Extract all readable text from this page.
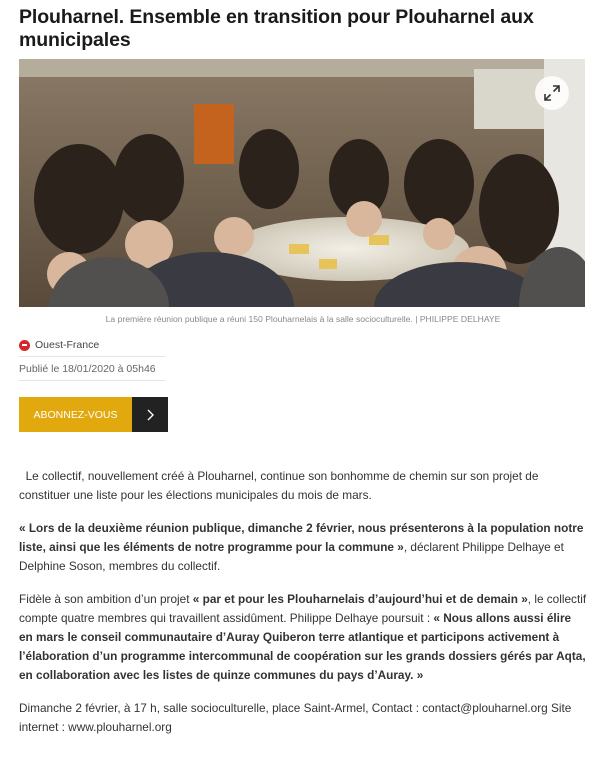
Plouharnel. Ensemble en transition pour Plouharnel aux municipales
La première réunion publique a réuni 150 Plouharnelais à la salle socioculturelle. | PHILIPPE DELHAYE
Ouest-France
Publié le 18/01/2020 à 05h46
ABONNEZ-VOUS

Le collectif, nouvellement créé à Plouharnel, continue son bonhomme de chemin sur son projet de constituer une liste pour les élections municipales du mois de mars.

« Lors de la deuxième réunion publique, dimanche 2 février, nous présenterons à la population notre liste, ainsi que les éléments de notre programme pour la commune », déclarent Philippe Delhaye et Delphine Soson, membres du collectif.

Fidèle à son ambition d’un projet « par et pour les Plouharnelais d’aujourd’hui et de demain », le collectif compte quatre membres qui travaillent assidûment. Philippe Delhaye poursuit : « Nous allons aussi élire en mars le conseil communautaire d’Auray Quiberon terre atlantique et participons activement à l’élaboration d’un programme intercommunal de coopération sur les grands dossiers gérés par Aqta, en collaboration avec les listes de quinze communes du pays d’Auray. »

Dimanche 2 février, à 17 h, salle socioculturelle, place Saint-Armel, Contact : contact@plouharnel.org Site internet : www.plouharnel.org
